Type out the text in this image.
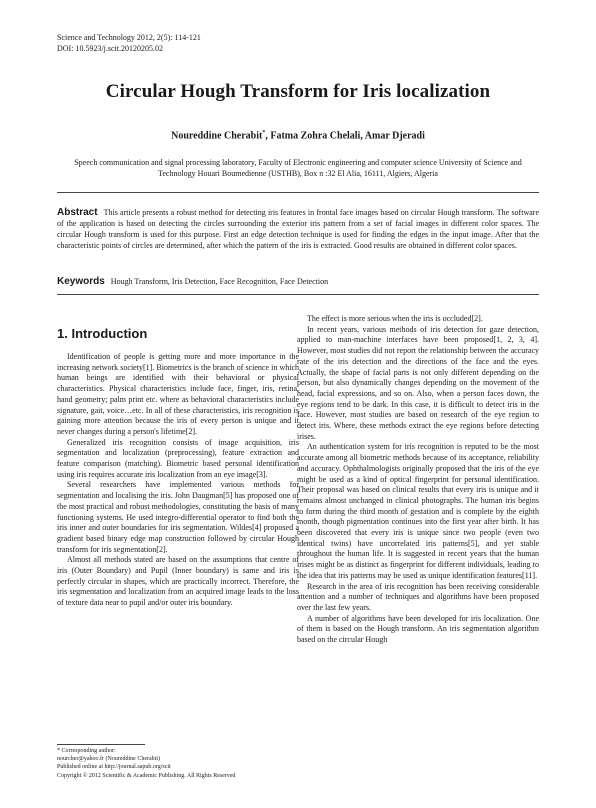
Science and Technology 2012, 2(5): 114-121
DOI: 10.5923/j.scit.20120205.02
Circular Hough Transform for Iris localization
Noureddine Cherabit*, Fatma Zohra Chelali, Amar Djeradi
Speech communication and signal processing laboratory, Faculty of Electronic engineering and computer science University of Science and Technology Houari Boumedienne (USTHB), Box n :32 El Alia, 16111, Algiers, Algeria
Abstract This article presents a robust method for detecting iris features in frontal face images based on circular Hough transform. The software of the application is based on detecting the circles surrounding the exterior iris pattern from a set of facial images in different color spaces. The circular Hough transform is used for this purpose. First an edge detection technique is used for finding the edges in the input image. After that the characteristic points of circles are determined, after which the pattern of the iris is extracted. Good results are obtained in different color spaces.
Keywords Hough Transform, Iris Detection, Face Recognition, Face Detection
1. Introduction

Identification of people is getting more and more importance in the increasing network society[1]. Biometrics is the branch of science in which human beings are identified with their behavioral or physical characteristics. Physical characteristics include face, finger, iris, retina, hand geometry; palm print etc. where as behavioral characteristics include signature, gait, voice…etc. In all of these characteristics, iris recognition is gaining more attention because the iris of every person is unique and it never changes during a person's lifetime[2].

Generalized iris recognition consists of image acquisition, iris segmentation and localization (preprocessing), feature extraction and feature comparison (matching). Biometric based personal identification using iris requires accurate iris localization from an eye image[3].

Several researchers have implemented various methods for segmentation and localising the iris. John Daugman[5] has proposed one of the most practical and robust methodologies, constituting the basis of many functioning systems. He used integro-differential operator to find both the iris inner and outer boundaries for iris segmentation. Wildes[4] proposed a gradient based binary edge map construction followed by circular Hough transform for iris segmentation[2].

Almost all methods stated are based on the assumptions that centre of iris (Outer Boundary) and Pupil (Inner boundary) is same and iris is perfectly circular in shapes, which are practically incorrect. Therefore, the iris segmentation and localization from an acquired image leads to the loss of texture data near to pupil and/or outer iris boundary.

The effect is more serious when the iris is occluded[2].

In recent years, various methods of iris detection for gaze detection, applied to man-machine interfaces have been proposed[1, 2, 3, 4]. However, most studies did not report the relationship between the accuracy rate of the iris detection and the directions of the face and the eyes. Actually, the shape of facial parts is not only different depending on the person, but also dynamically changes depending on the movement of the head, facial expressions, and so on. Also, when a person faces down, the eye regions tend to be dark. In this case, it is difficult to detect iris in the face. However, most studies are based on research of the eye region to detect iris. Where, these methods extract the eye regions before detecting irises.

An authentication system for iris recognition is reputed to be the most accurate among all biometric methods because of its acceptance, reliability and accuracy. Ophthalmologists originally proposed that the iris of the eye might be used as a kind of optical fingerprint for personal identification. Their proposal was based on clinical results that every iris is unique and it remains almost unchanged in clinical photographs. The human iris begins to form during the third month of gestation and is complete by the eighth month, though pigmentation continues into the first year after birth. It has been discovered that every iris is unique since two people (even two identical twins) have uncorrelated iris patterns[5], and yet stable throughout the human life. It is suggested in recent years that the human irises might be as distinct as fingerprint for different individuals, leading to the idea that iris patterns may be used as unique identification features[11].

Research in the area of iris recognition has been receiving considerable attention and a number of techniques and algorithms have been proposed over the last few years.

A number of algorithms have been developed for iris localization. One of them is based on the Hough transform. An iris segmentation algorithm based on the circular Hough

* Corresponding author:
nourcher@yahoo.fr (Noureddine Cherabit)
Published online at http://journal.sapub.org/scit
Copyright © 2012 Scientific & Academic Publishing. All Rights Reserved
